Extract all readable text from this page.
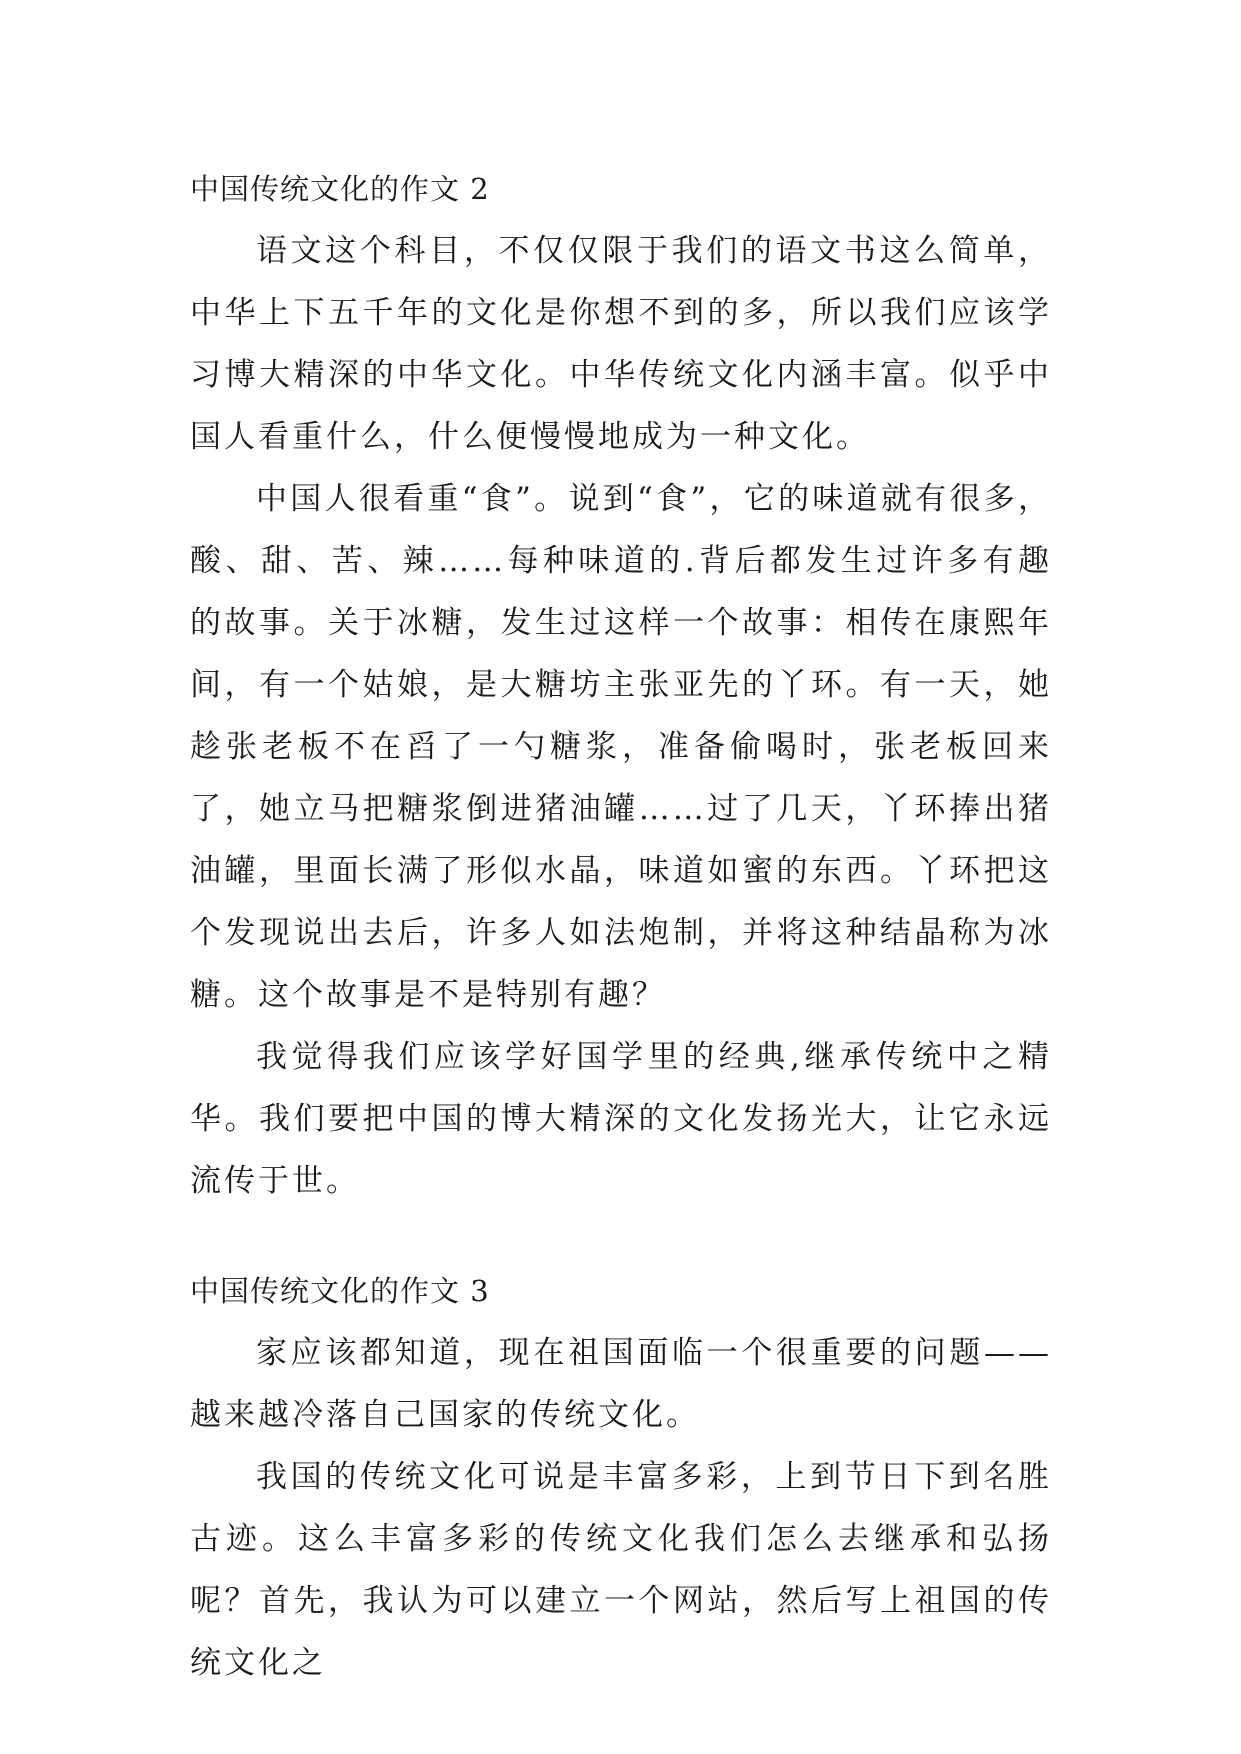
中国传统文化的作文 2

语文这个科目，不仅仅限于我们的语文书这么简单，中华上下五千年的文化是你想不到的多，所以我们应该学习博大精深的中华文化。中华传统文化内涵丰富。似乎中国人看重什么，什么便慢慢地成为一种文化。

中国人很看重“食”。说到“食”，它的味道就有很多，酸、甜、苦、辣……每种味道的.背后都发生过许多有趣的故事。关于冰糖，发生过这样一个故事：相传在康熙年间，有一个姑娘，是大糖坊主张亚先的丫环。有一天，她趁张老板不在舀了一勺糖浆，准备偷喝时，张老板回来了，她立马把糖浆倒进猪油罐……过了几天，丫环捧出猪油罐，里面长满了形似水晶，味道如蜜的东西。丫环把这个发现说出去后，许多人如法炮制，并将这种结晶称为冰糖。这个故事是不是特别有趣？

我觉得我们应该学好国学里的经典,继承传统中之精华。我们要把中国的博大精深的文化发扬光大，让它永远流传于世。

中国传统文化的作文 3

家应该都知道，现在祖国面临一个很重要的问题——越来越冷落自己国家的传统文化。

我国的传统文化可说是丰富多彩，上到节日下到名胜古迹。这么丰富多彩的传统文化我们怎么去继承和弘扬呢？首先，我认为可以建立一个网站，然后写上祖国的传统文化之
